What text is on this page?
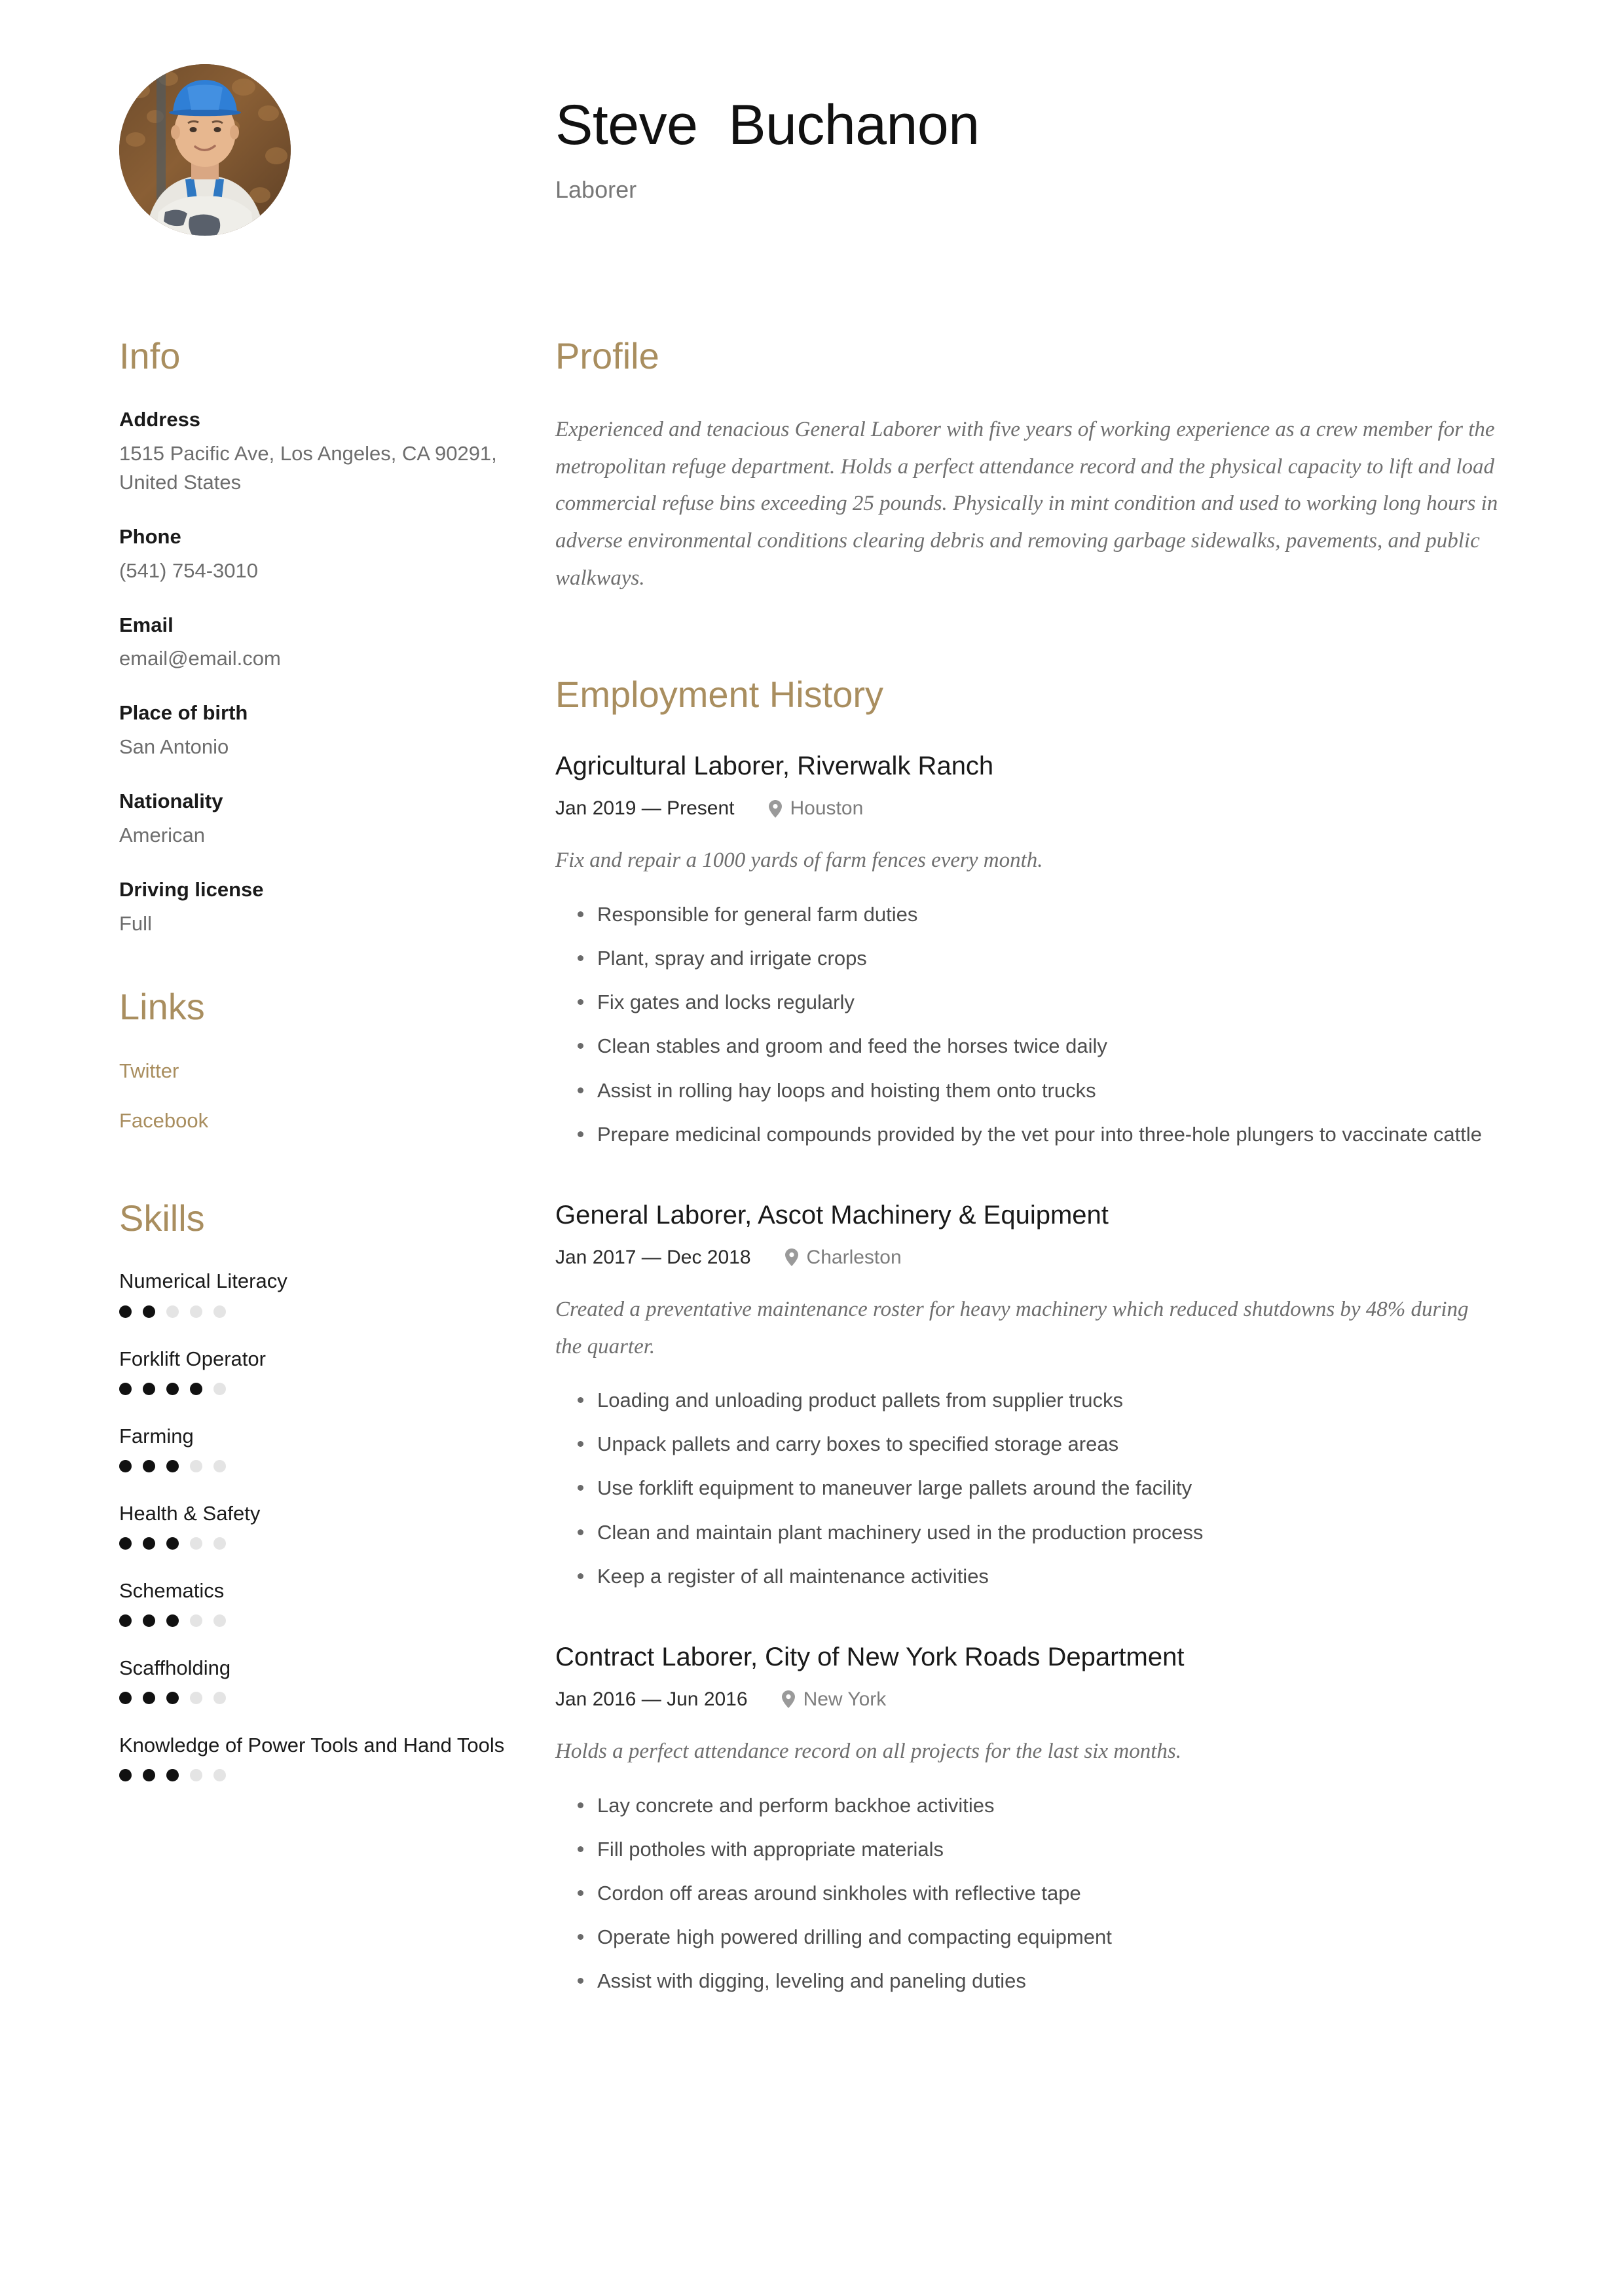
Steve  Buchanon
Laborer
Info
Address
1515 Pacific Ave, Los Angeles, CA 90291, United States
Phone
(541) 754-3010
Email
email@email.com
Place of birth
San Antonio
Nationality
American
Driving license
Full
Links
Twitter
Facebook
Skills
Numerical Literacy
Forklift Operator
Farming
Health & Safety
Schematics
Scaffholding
Knowledge of Power Tools and Hand Tools
Profile

Experienced and tenacious General Laborer with five years of working experience as a crew member for the metropolitan refuge department. Holds a perfect attendance record and the physical capacity to lift and load commercial refuse bins exceeding 25 pounds. Physically in mint condition and used to working long hours in adverse environmental conditions clearing debris and removing garbage sidewalks, pavements, and public walkways.

Employment History
Agricultural Laborer, Riverwalk Ranch
Jan 2019 — Present	Houston

Fix and repair a 1000 yards of farm fences every month.

Responsible for general farm duties
Plant, spray and irrigate crops
Fix gates and locks regularly
Clean stables and groom and feed the horses twice daily
Assist in rolling hay loops and hoisting them onto trucks
Prepare medicinal compounds provided by the vet pour into three-hole plungers to vaccinate cattle
General Laborer, Ascot Machinery & Equipment
Jan 2017 — Dec 2018	Charleston

Created a preventative maintenance roster for heavy machinery which reduced shutdowns by 48% during the quarter.

Loading and unloading product pallets from supplier trucks
Unpack pallets and carry boxes to specified storage areas
Use forklift equipment to maneuver large pallets around the facility
Clean and maintain plant machinery used in the production process
Keep a register of all maintenance activities
Contract Laborer, City of New York Roads Department
Jan 2016 — Jun 2016	New York

Holds a perfect attendance record on all projects for the last six months.

Lay concrete and perform backhoe activities
Fill potholes with appropriate materials
Cordon off areas around sinkholes with reflective tape
Operate high powered drilling and compacting equipment
Assist with digging, leveling and paneling duties
